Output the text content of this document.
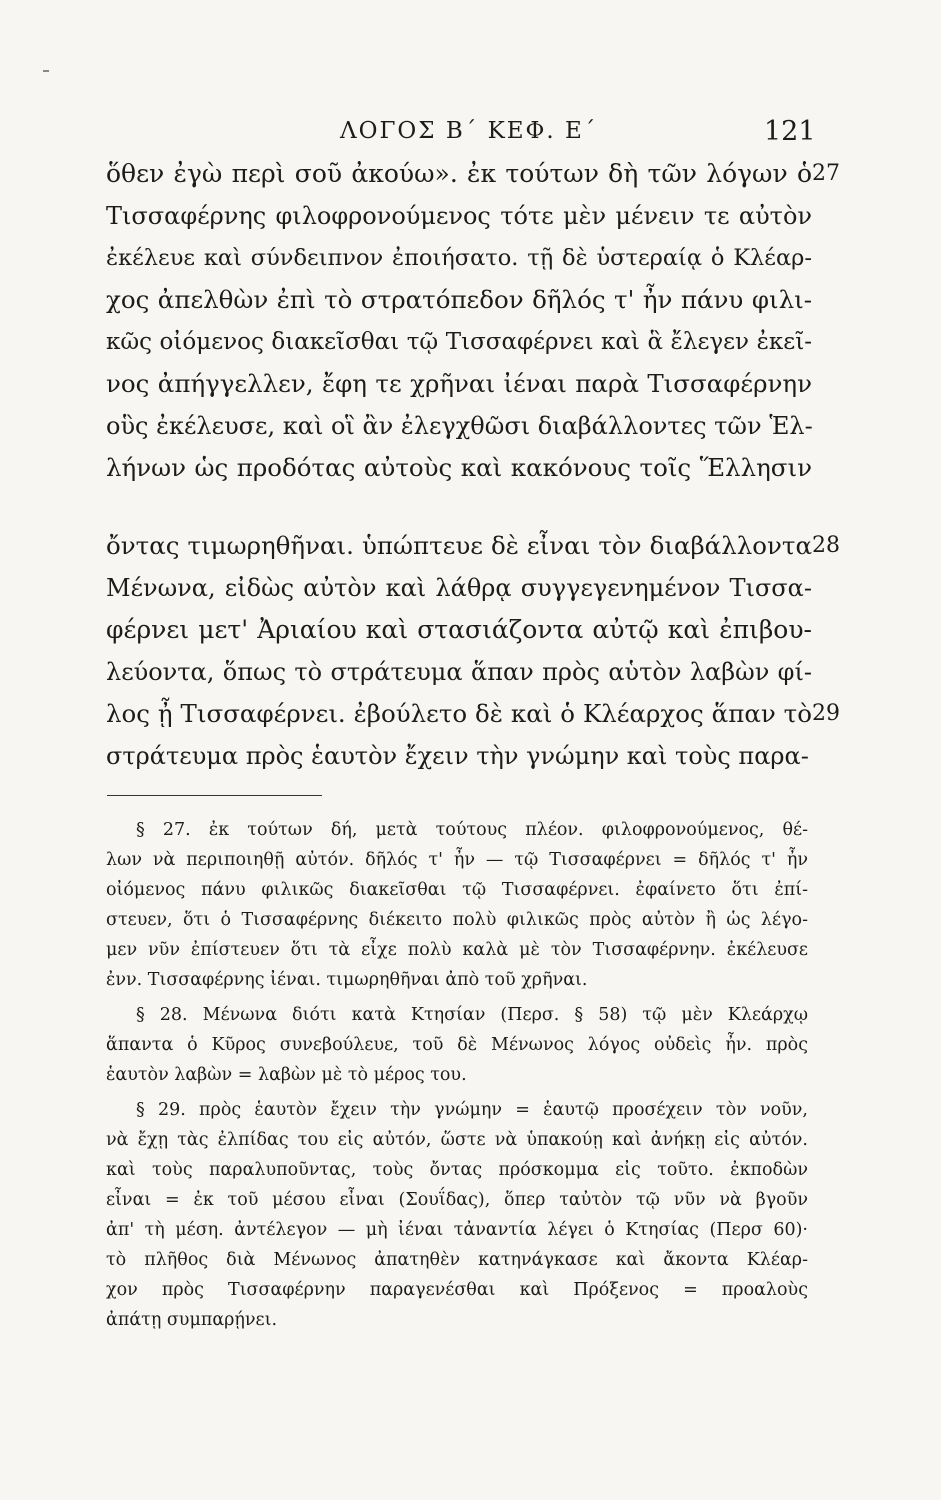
ΛΟΓΟΣ Β΄ ΚΕΦ. Ε΄	121
ὅθεν ἐγὼ περὶ σοῦ ἀκούω». ἐκ τούτων δὴ τῶν λόγων ὁ 27
Τισσαφέρνης φιλοφρονούμενος τότε μὲν μένειν τε αὐτὸν
ἐκέλευε καὶ σύνδειπνον ἐποιήσατο. τῇ δὲ ὑστεραίᾳ ὁ Κλέαρ-
χος ἀπελθὼν ἐπὶ τὸ στρατόπεδον δῆλός τ' ἦν πάνυ φιλι-
κῶς οἰόμενος διακεῖσθαι τῷ Τισσαφέρνει καὶ ἃ ἔλεγεν ἐκεῖ-
νος ἀπήγγελλεν, ἔφη τε χρῆναι ἰέναι παρὰ Τισσαφέρνην
οὓς ἐκέλευσε, καὶ οἳ ἂν ἐλεγχθῶσι διαβάλλοντες τῶν Ἑλ-
λήνων ὡς προδότας αὐτοὺς καὶ κακόνους τοῖς Ἕλλησιν
ὄντας τιμωρηθῆναι. ὑπώπτευε δὲ εἶναι τὸν διαβάλλοντα 28
Μένωνα, εἰδὼς αὐτὸν καὶ λάθρᾳ συγγεγενημένον Τισσα-
φέρνει μετ' Ἀριαίου καὶ στασιάζοντα αὐτῷ καὶ ἐπιβου-
λεύοντα, ὅπως τὸ στράτευμα ἅπαν πρὸς αὑτὸν λαβὼν φί-
λος ᾖ Τισσαφέρνει. ἐβούλετο δὲ καὶ ὁ Κλέαρχος ἅπαν τὸ 29
στράτευμα πρὸς ἑαυτὸν ἔχειν τὴν γνώμην καὶ τοὺς παρα-
§ 27. ἐκ τούτων δή, μετὰ τούτους πλέον. φιλοφρονούμενος, θέ-
λων νὰ περιποιηθῇ αὐτόν. δῆλός τ' ἦν — τῷ Τισσαφέρνει = δῆλός τ' ἦν
οἰόμενος πάνυ φιλικῶς διακεῖσθαι τῷ Τισσαφέρνει. ἐφαίνετο ὅτι ἐπί-
στευεν, ὅτι ὁ Τισσαφέρνης διέκειτο πολὺ φιλικῶς πρὸς αὐτὸν ἢ ὡς λέγο-
μεν νῦν ἐπίστευεν ὅτι τὰ εἶχε πολὺ καλὰ μὲ τὸν Τισσαφέρνην. ἐκέλευσε
ἐνν. Τισσαφέρνης ἰέναι. τιμωρηθῆναι ἀπὸ τοῦ χρῆναι.
§ 28. Μένωνα διότι κατὰ Κτησίαν (Περσ. § 58) τῷ μὲν Κλεάρχῳ
ἅπαντα ὁ Κῦρος συνεβούλευε, τοῦ δὲ Μένωνος λόγος οὐδεὶς ἦν. πρὸς
ἑαυτὸν λαβὼν = λαβὼν μὲ τὸ μέρος του.
§ 29. πρὸς ἑαυτὸν ἔχειν τὴν γνώμην = ἑαυτῷ προσέχειν τὸν νοῦν,
νὰ ἔχῃ τὰς ἐλπίδας του εἰς αὐτόν, ὥστε νὰ ὑπακούῃ καὶ ἀνήκῃ εἰς αὐτόν.
καὶ τοὺς παραλυποῦντας, τοὺς ὄντας πρόσκομμα εἰς τοῦτο. ἐκποδὼν
εἶναι = ἐκ τοῦ μέσου εἶναι (Σουΐδας), ὅπερ ταὐτὸν τῷ νῦν νὰ βγοῦν
ἀπ' τὴ μέση. ἀντέλεγον — μὴ ἰέναι τἀναντία λέγει ὁ Κτησίας (Περσ 60)·
τὸ πλῆθος διὰ Μένωνος ἀπατηθὲν κατηνάγκασε καὶ ἄκοντα Κλέαρ-
χον πρὸς Τισσαφέρνην παραγενέσθαι καὶ Πρόξενος = προαλοὺς
ἀπάτῃ συμπαρῄνει.
